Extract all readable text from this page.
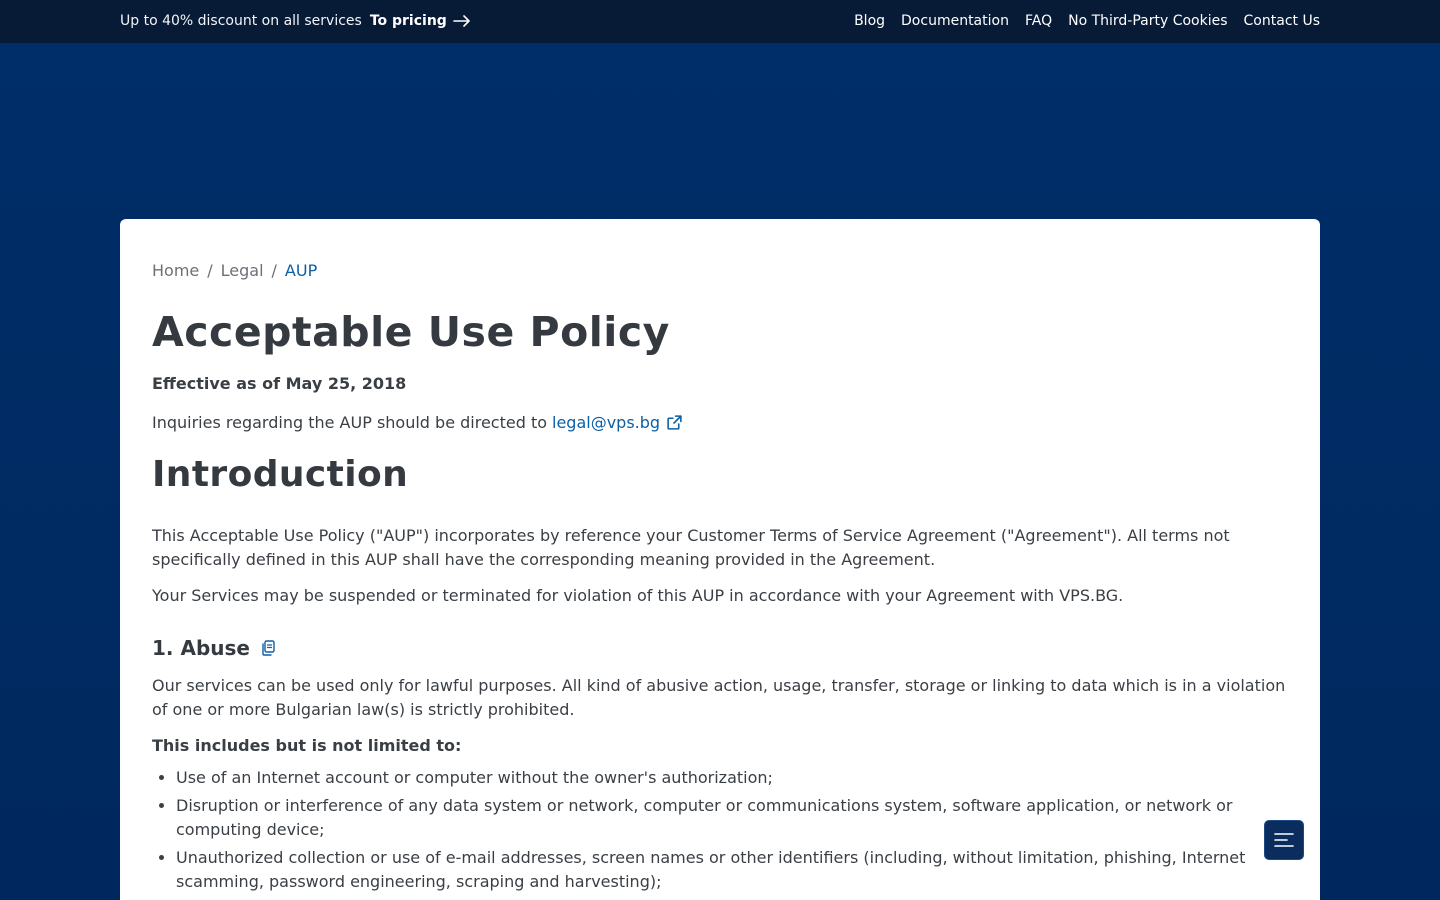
Up to 40% discount on all services To pricing	Blog Documentation FAQ No Third-Party Cookies Contact Us
Home / Legal / AUP
Acceptable Use Policy
Effective as of May 25, 2018
Inquiries regarding the AUP should be directed to legal@vps.bg
Introduction

This Acceptable Use Policy ("AUP") incorporates by reference your Customer Terms of Service Agreement ("Agreement"). All terms not specifically defined in this AUP shall have the corresponding meaning provided in the Agreement.

Your Services may be suspended or terminated for violation of this AUP in accordance with your Agreement with VPS.BG.

1. Abuse

Our services can be used only for lawful purposes. All kind of abusive action, usage, transfer, storage or linking to data which is in a violation of one or more Bulgarian law(s) is strictly prohibited.

This includes but is not limited to:
• Use of an Internet account or computer without the owner's authorization;
• Disruption or interference of any data system or network, computer or communications system, software application, or network or computing device;
• Unauthorized collection or use of e-mail addresses, screen names or other identifiers (including, without limitation, phishing, Internet scamming, password engineering, scraping and harvesting);
